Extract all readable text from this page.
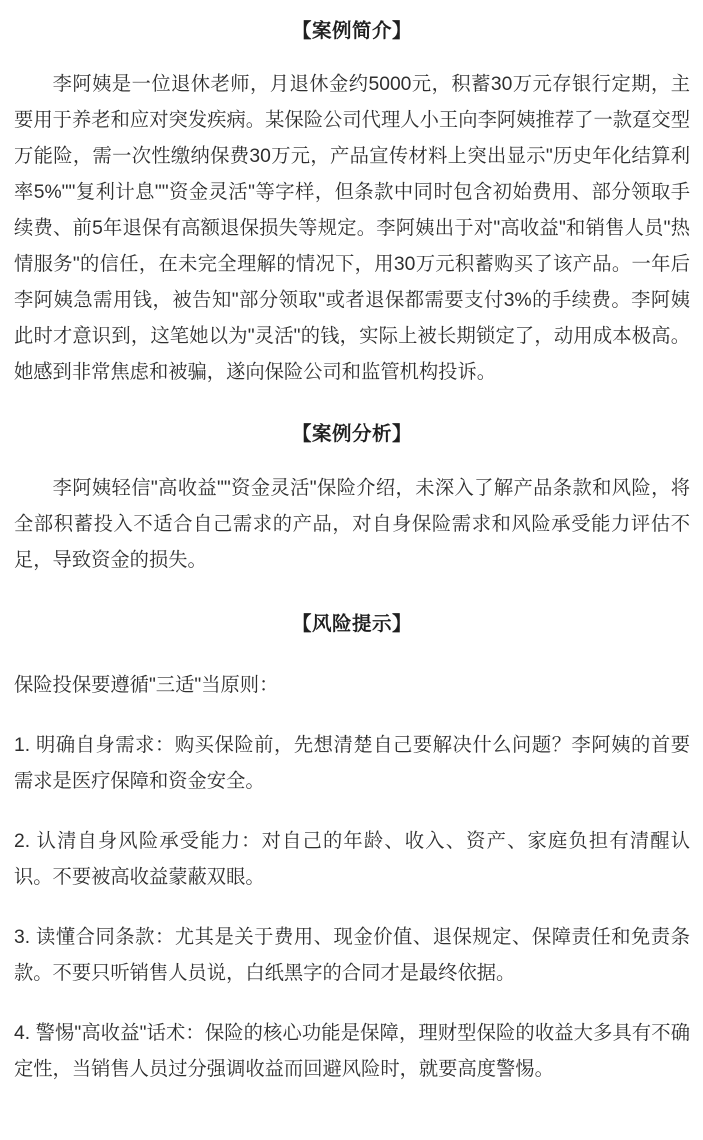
【案例简介】

李阿姨是一位退休老师，月退休金约5000元，积蓄30万元存银行定期，主要用于养老和应对突发疾病。某保险公司代理人小王向李阿姨推荐了一款趸交型万能险，需一次性缴纳保费30万元，产品宣传材料上突出显示"历史年化结算利率5%""复利计息""资金灵活"等字样，但条款中同时包含初始费用、部分领取手续费、前5年退保有高额退保损失等规定。李阿姨出于对"高收益"和销售人员"热情服务"的信任，在未完全理解的情况下，用30万元积蓄购买了该产品。一年后李阿姨急需用钱，被告知"部分领取"或者退保都需要支付3%的手续费。李阿姨此时才意识到，这笔她以为"灵活"的钱，实际上被长期锁定了，动用成本极高。她感到非常焦虑和被骗，遂向保险公司和监管机构投诉。

【案例分析】

李阿姨轻信"高收益""资金灵活"保险介绍，未深入了解产品条款和风险，将全部积蓄投入不适合自己需求的产品，对自身保险需求和风险承受能力评估不足，导致资金的损失。

【风险提示】

保险投保要遵循"三适"当原则：

1. 明确自身需求：购买保险前，先想清楚自己要解决什么问题？李阿姨的首要需求是医疗保障和资金安全。

2. 认清自身风险承受能力：对自己的年龄、收入、资产、家庭负担有清醒认识。不要被高收益蒙蔽双眼。

3. 读懂合同条款：尤其是关于费用、现金价值、退保规定、保障责任和免责条款。不要只听销售人员说，白纸黑字的合同才是最终依据。

4. 警惕"高收益"话术：保险的核心功能是保障，理财型保险的收益大多具有不确定性，当销售人员过分强调收益而回避风险时，就要高度警惕。
